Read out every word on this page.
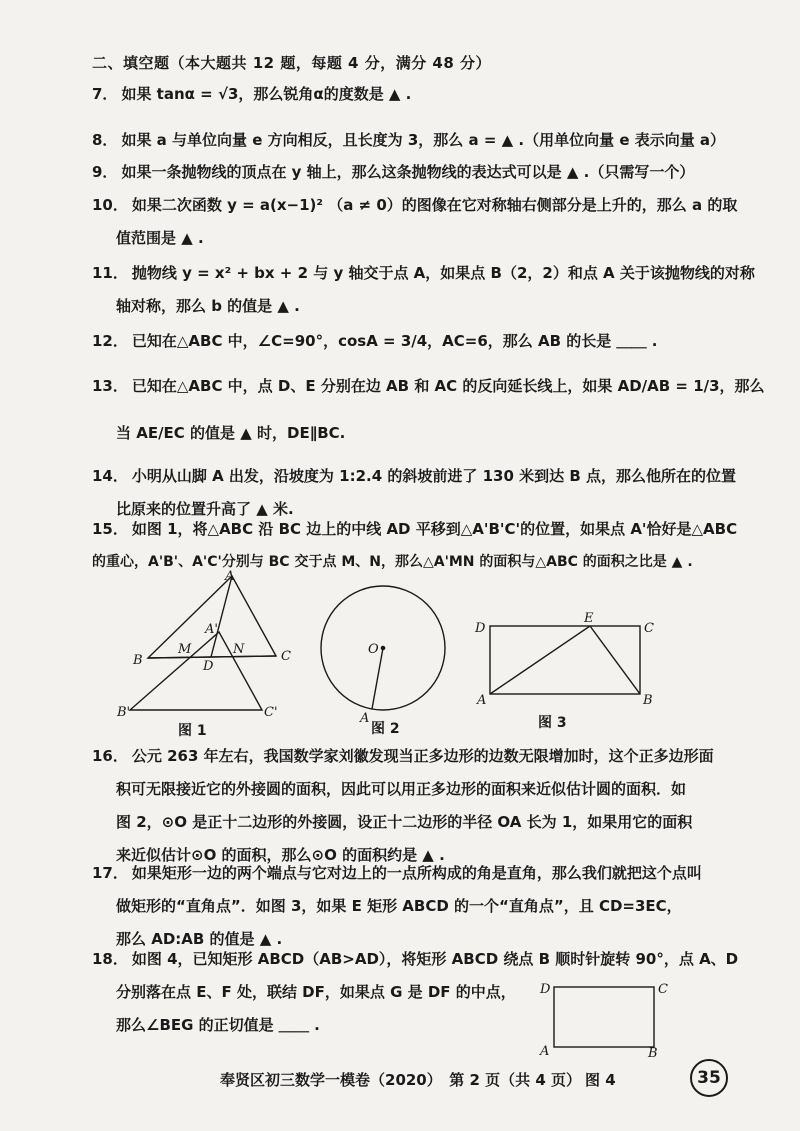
二、填空题（本大题共 12 题，每题 4 分，满分 48 分）
7． 如果 tanα = √3，那么锐角α的度数是 ▲ .
8． 如果 a 与单位向量 e 方向相反，且长度为 3，那么 a = ▲ .（用单位向量 e 表示向量 a）
9． 如果一条抛物线的顶点在 y 轴上，那么这条抛物线的表达式可以是 ▲ .（只需写一个）
10． 如果二次函数 y = a(x−1)² （a ≠ 0）的图像在它对称轴右侧部分是上升的，那么 a 的取
值范围是 ▲ .
11． 抛物线 y = x² + bx + 2 与 y 轴交于点 A，如果点 B（2，2）和点 A 关于该抛物线的对称
轴对称，那么 b 的值是 ▲ .
12． 已知在△ABC 中，∠C=90°，cosA = 3/4，AC=6，那么 AB 的长是 ＿＿ .
13． 已知在△ABC 中，点 D、E 分别在边 AB 和 AC 的反向延长线上，如果 AD/AB = 1/3，那么
当 AE/EC 的值是 ▲ 时，DE∥BC.
14． 小明从山脚 A 出发，沿坡度为 1:2.4 的斜坡前进了 130 米到达 B 点，那么他所在的位置
比原来的位置升高了 ▲ 米.
15． 如图 1，将△ABC 沿 BC 边上的中线 AD 平移到△A'B'C'的位置，如果点 A'恰好是△ABC
的重心，A'B'、A'C'分别与 BC 交于点 M、N，那么△A'MN 的面积与△ABC 的面积之比是 ▲ .
A
A'
B
M
D
N	C
B'	C'
O
A
D
E
C
A	B
图 1	图 2	图 3
16． 公元 263 年左右，我国数学家刘徽发现当正多边形的边数无限增加时，这个正多边形面
积可无限接近它的外接圆的面积，因此可以用正多边形的面积来近似估计圆的面积．如
图 2，⊙O 是正十二边形的外接圆，设正十二边形的半径 OA 长为 1，如果用它的面积
来近似估计⊙O 的面积，那么⊙O 的面积约是 ▲ .
17． 如果矩形一边的两个端点与它对边上的一点所构成的角是直角，那么我们就把这个点叫
做矩形的“直角点”．如图 3，如果 E 矩形 ABCD 的一个“直角点”，且 CD=3EC，
那么 AD:AB 的值是 ▲ .
18． 如图 4，已知矩形 ABCD（AB>AD），将矩形 ABCD 绕点 B 顺时针旋转 90°，点 A、D
分别落在点 E、F 处，联结 DF，如果点 G 是 DF 的中点，
那么∠BEG 的正切值是 ＿＿ .
D	C
A	B
奉贤区初三数学一模卷（2020）　第 2 页（共 4 页） 图 4	35
